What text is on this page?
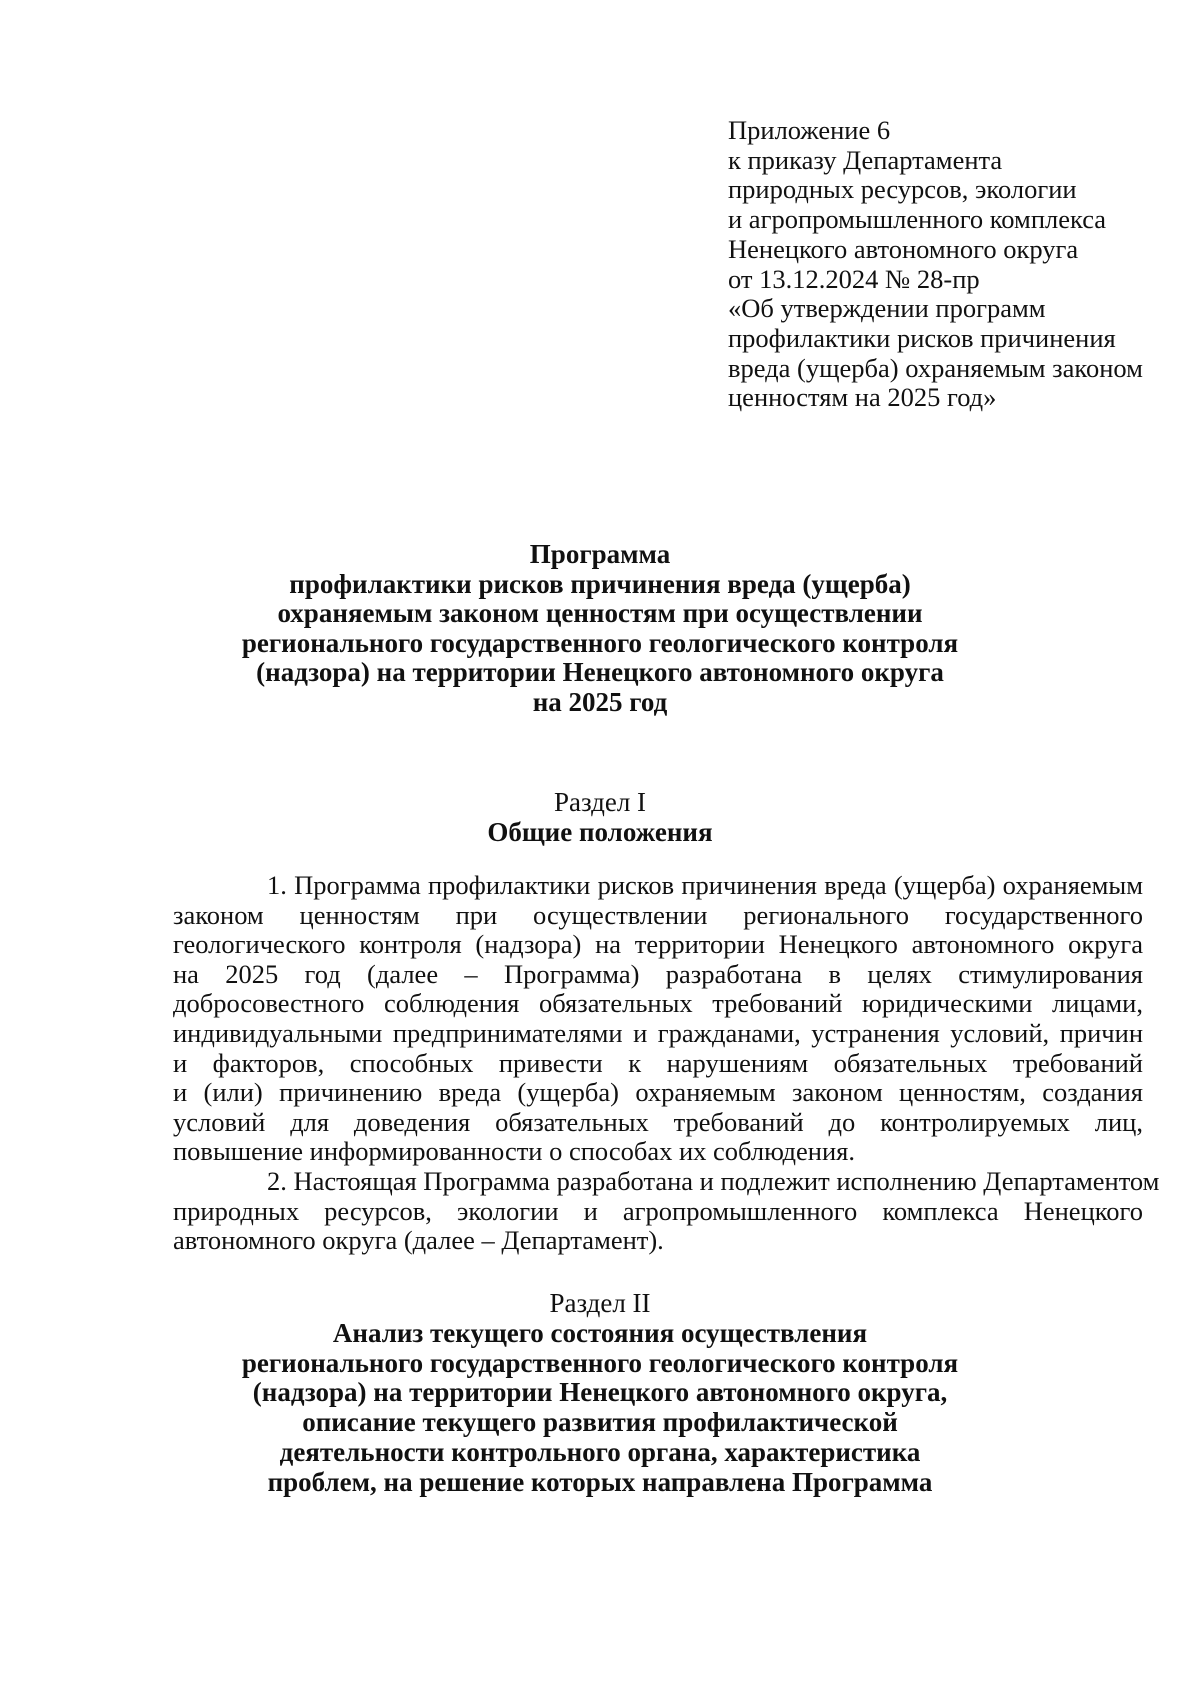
Приложение 6
к приказу Департамента
природных ресурсов, экологии
и агропромышленного комплекса
Ненецкого автономного округа
от 13.12.2024 № 28-пр
«Об утверждении программ
профилактики рисков причинения
вреда (ущерба) охраняемым законом
ценностям на 2025 год»
Программа
профилактики рисков причинения вреда (ущерба)
охраняемым законом ценностям при осуществлении
регионального государственного геологического контроля
(надзора) на территории Ненецкого автономного округа
на 2025 год
Раздел I
Общие положения
1. Программа профилактики рисков причинения вреда (ущерба) охраняемым
законом ценностям при осуществлении регионального государственного
геологического контроля (надзора) на территории Ненецкого автономного округа
на 2025 год (далее – Программа) разработана в целях стимулирования
добросовестного соблюдения обязательных требований юридическими лицами,
индивидуальными предпринимателями и гражданами, устранения условий, причин
и факторов, способных привести к нарушениям обязательных требований
и (или) причинению вреда (ущерба) охраняемым законом ценностям, создания
условий для доведения обязательных требований до контролируемых лиц,
повышение информированности о способах их соблюдения.
2. Настоящая Программа разработана и подлежит исполнению Департаментом
природных ресурсов, экологии и агропромышленного комплекса Ненецкого
автономного округа (далее – Департамент).
Раздел II
Анализ текущего состояния осуществления
регионального государственного геологического контроля
(надзора) на территории Ненецкого автономного округа,
описание текущего развития профилактической
деятельности контрольного органа, характеристика
проблем, на решение которых направлена Программа
